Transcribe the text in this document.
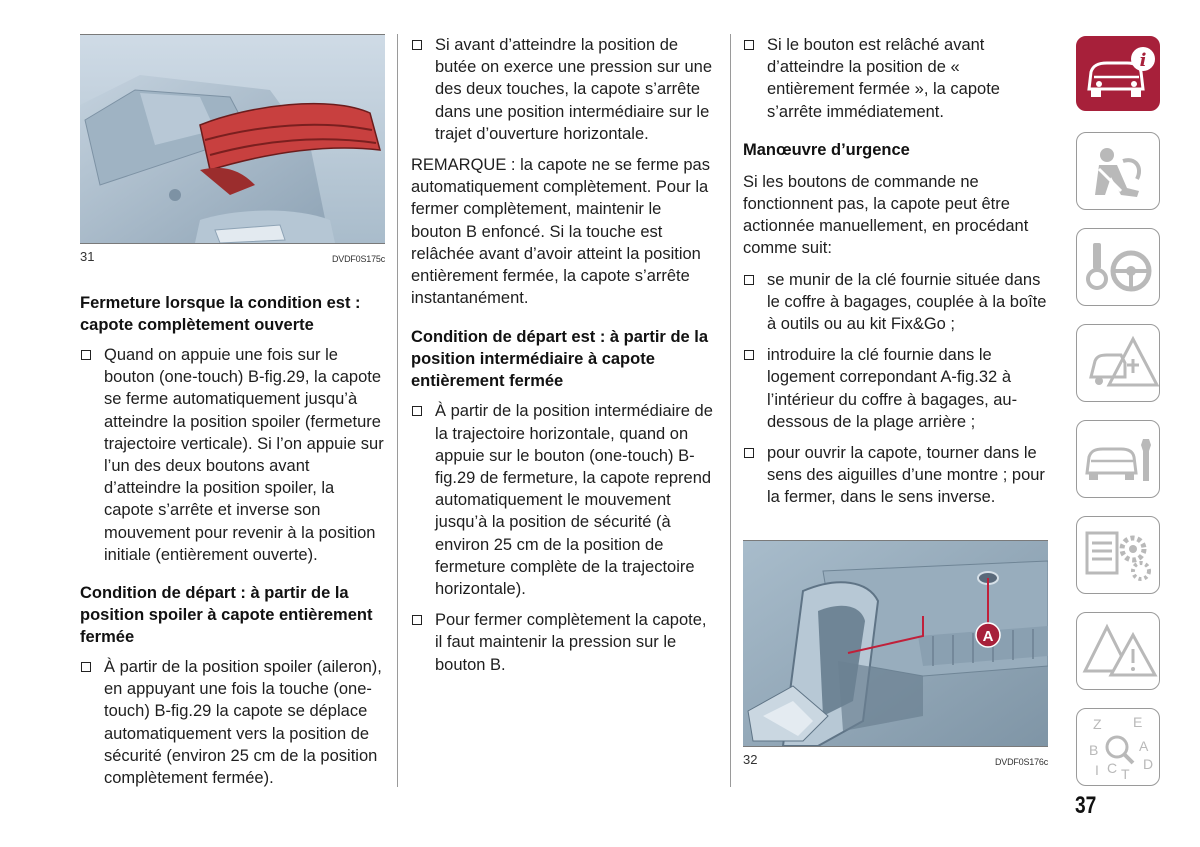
31	DVDF0S175c
Fermeture lorsque la condition est : capote complètement ouverte

Quand on appuie une fois sur le bouton (one-touch) B-fig.29, la capote se ferme automatiquement jusqu’à atteindre la position spoiler (fermeture trajectoire verticale). Si l’on appuie sur l’un des deux boutons avant d’atteindre la position spoiler, la capote s’arrête et inverse son mouvement pour revenir à la position initiale (entièrement ouverte).

Condition de départ : à partir de la position spoiler à capote entièrement fermée

À partir de la position spoiler (aileron), en appuyant une fois la touche (one-touch) B-fig.29 la capote se déplace automatiquement vers la position de sécurité (environ 25 cm de la position complètement fermée).

Si avant d’atteindre la position de butée on exerce une pression sur une des deux touches, la capote s’arrête dans une position intermédiaire sur le trajet d’ouverture horizontale.

REMARQUE : la capote ne se ferme pas automatiquement complètement. Pour la fermer complètement, maintenir le bouton B enfoncé. Si la touche est relâchée avant d’avoir atteint la position entièrement fermée, la capote s’arrête instantanément.

Condition de départ est : à partir de la position intermédiaire à capote entièrement fermée

À partir de la position intermédiaire de la trajectoire horizontale, quand on appuie sur le bouton (one-touch) B-fig.29 de fermeture, la capote reprend automatiquement le mouvement jusqu’à la position de sécurité (à environ 25 cm de la position de fermeture complète de la trajectoire horizontale).

Pour fermer complètement la capote, il faut maintenir la pression sur le bouton B.

Si le bouton est relâché avant d’atteindre la position de « entièrement fermée », la capote s’arrête immédiatement.

Manœuvre d’urgence

Si les boutons de commande ne fonctionnent pas, la capote peut être actionnée manuellement, en procédant comme suit:

se munir de la clé fournie située dans le coffre à bagages, couplée à la boîte à outils ou au kit Fix&Go ;

introduire la clé fournie dans le logement correpondant A-fig.32 à l’intérieur du coffre à bagages, au-dessous de la plage arrière ;

pour ouvrir la capote, tourner dans le sens des aiguilles d’une montre ; pour la fermer, dans le sens inverse.

A
32	DVDF0S176c
i
Z E
B	A
I C T
D
37
